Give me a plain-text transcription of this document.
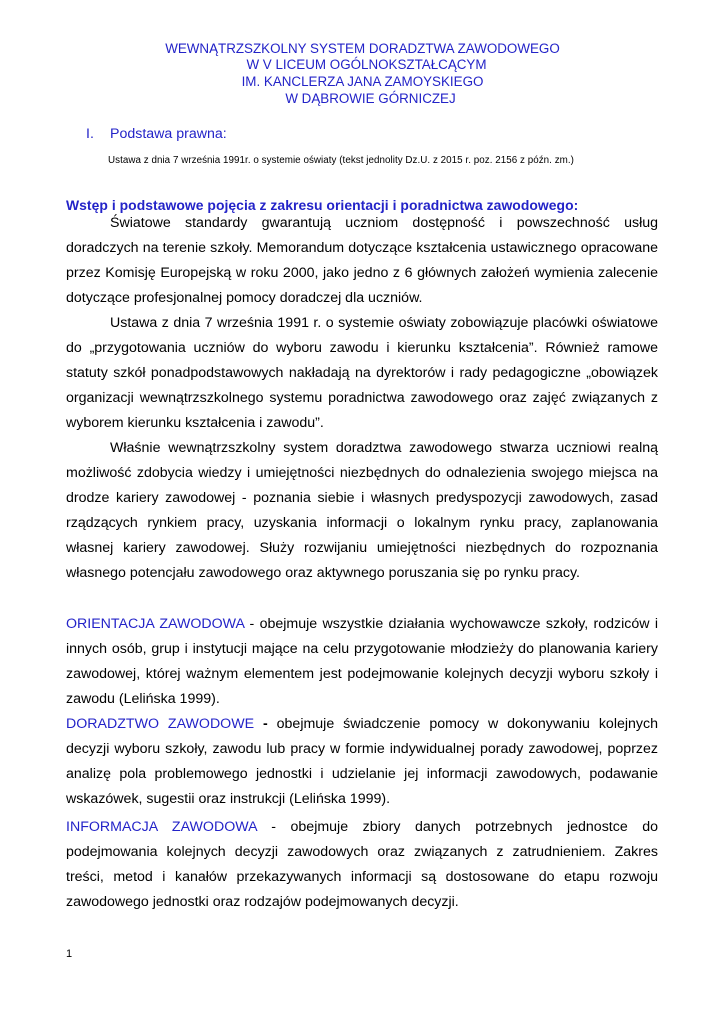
WEWNĄTRZSZKOLNY SYSTEM DORADZTWA ZAWODOWEGO
W V LICEUM OGÓLNOKSZTAŁCĄCYM
IM. KANCLERZA JANA ZAMOYSKIEGO
W DĄBROWIE GÓRNICZEJ
I. Podstawa prawna:
Ustawa z dnia 7 września 1991r. o systemie oświaty (tekst jednolity Dz.U. z 2015 r. poz. 2156 z późn. zm.)
Wstęp i podstawowe pojęcia z zakresu orientacji i poradnictwa zawodowego:

Światowe standardy gwarantują uczniom dostępność i powszechność usług doradczych na terenie szkoły. Memorandum dotyczące kształcenia ustawicznego opracowane przez Komisję Europejską w roku 2000, jako jedno z 6 głównych założeń wymienia zalecenie dotyczące profesjonalnej pomocy doradczej dla uczniów.

Ustawa z dnia 7 września 1991 r. o systemie oświaty zobowiązuje placówki oświatowe do „przygotowania uczniów do wyboru zawodu i kierunku kształcenia”. Również ramowe statuty szkół ponadpodstawowych nakładają na dyrektorów i rady pedagogiczne „obowiązek organizacji wewnątrzszkolnego systemu poradnictwa zawodowego oraz zajęć związanych z wyborem kierunku kształcenia i zawodu”.

Właśnie wewnątrzszkolny system doradztwa zawodowego stwarza uczniowi realną możliwość zdobycia wiedzy i umiejętności niezbędnych do odnalezienia swojego miejsca na drodze kariery zawodowej - poznania siebie i własnych predyspozycji zawodowych, zasad rządzących rynkiem pracy, uzyskania informacji o lokalnym rynku pracy, zaplanowania własnej kariery zawodowej. Służy rozwijaniu umiejętności niezbędnych do rozpoznania własnego potencjału zawodowego oraz aktywnego poruszania się po rynku pracy.

ORIENTACJA ZAWODOWA - obejmuje wszystkie działania wychowawcze szkoły, rodziców i innych osób, grup i instytucji mające na celu przygotowanie młodzieży do planowania kariery zawodowej, której ważnym elementem jest podejmowanie kolejnych decyzji wyboru szkoły i zawodu (Lelińska 1999).

DORADZTWO ZAWODOWE - obejmuje świadczenie pomocy w dokonywaniu kolejnych decyzji wyboru szkoły, zawodu lub pracy w formie indywidualnej porady zawodowej, poprzez analizę pola problemowego jednostki i udzielanie jej informacji zawodowych, podawanie wskazówek, sugestii oraz instrukcji (Lelińska 1999).

INFORMACJA ZAWODOWA - obejmuje zbiory danych potrzebnych jednostce do podejmowania kolejnych decyzji zawodowych oraz związanych z zatrudnieniem. Zakres treści, metod i kanałów przekazywanych informacji są dostosowane do etapu rozwoju zawodowego jednostki oraz rodzajów podejmowanych decyzji.

1
